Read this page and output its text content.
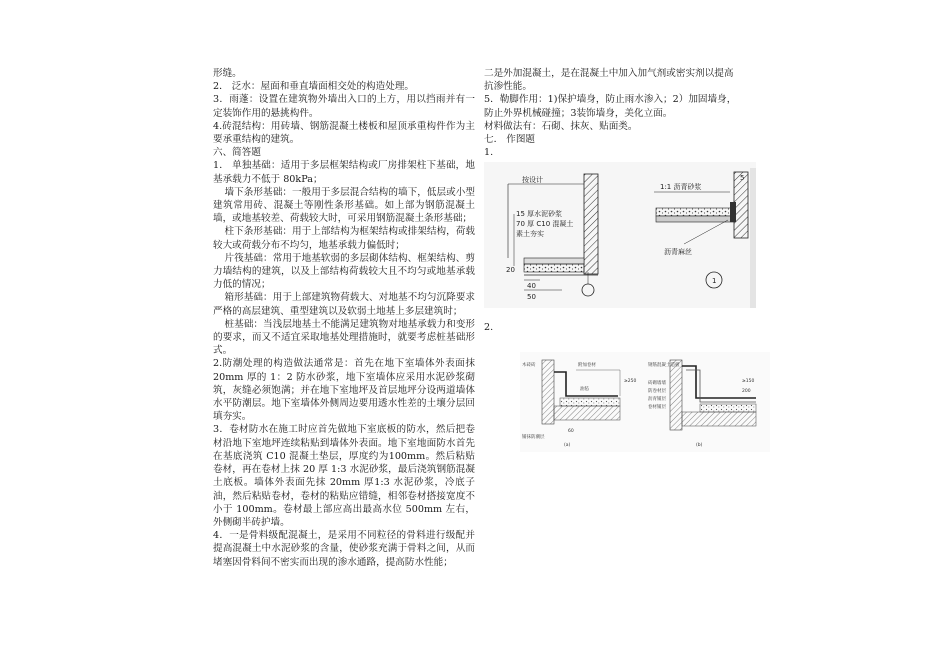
形缝。
2． 泛水：屋面和垂直墙面相交处的构造处理。
3．雨蓬：设置在建筑物外墙出入口的上方，用以挡雨并有一定装饰作用的悬挑构件。
4.砖混结构：用砖墙、钢筋混凝土楼板和屋顶承重构件作为主要承重结构的建筑。
六、简答题
1． 单独基础：适用于多层框架结构或厂房排架柱下基础，地基承载力不低于 80kPa；
墙下条形基础：一般用于多层混合结构的墙下，低层或小型建筑常用砖、混凝土等刚性条形基础。如上部为钢筋混凝土墙，或地基较差、荷载较大时，可采用钢筋混凝土条形基础；
柱下条形基础：用于上部结构为框架结构或排架结构，荷载较大或荷载分布不均匀，地基承载力偏低时；
片筏基础：常用于地基软弱的多层砌体结构、框架结构、剪力墙结构的建筑，以及上部结构荷载较大且不均匀或地基承载力低的情况；
箱形基础：用于上部建筑物荷载大、对地基不均匀沉降要求严格的高层建筑、重型建筑以及软弱土地基上多层建筑时；
桩基础：当浅层地基土不能满足建筑物对地基承载力和变形的要求，而又不适宜采取地基处理措施时，就要考虑桩基础形式。
2.防潮处理的构造做法通常是：首先在地下室墙体外表面抹 20mm 厚的 1：2 防水砂浆，地下室墙体应采用水泥砂浆砌筑，灰缝必须饱满；并在地下室地坪及首层地坪分设两道墙体水平防潮层。地下室墙体外侧周边要用透水性差的土壤分层回填夯实。
3．卷材防水在施工时应首先做地下室底板的防水，然后把卷材沿地下室地坪连续粘贴到墙体外表面。地下室地面防水首先在基底浇筑 C10 混凝土垫层，厚度约为100mm。然后粘贴卷材，再在卷材上抹 20 厚 1:3 水泥砂浆，最后浇筑钢筋混凝土底板。墙体外表面先抹 20mm 厚1:3 水泥砂浆，冷底子油，然后粘贴卷材，卷材的粘贴应错缝，相邻卷材搭接宽度不小于 100mm。卷材最上部应高出最高水位 500mm 左右，外侧砌半砖护墙。
4．一是骨料级配混凝土，是采用不同粒径的骨料进行级配并提高混凝土中水泥砂浆的含量，使砂浆充满于骨料之间，从而堵塞因骨料间不密实而出现的渗水通路，提高防水性能；
二是外加混凝土，是在混凝土中加入加气剂或密实剂以提高抗渗性能。
5．勒脚作用：1)保护墙身，防止雨水渗入；2）加固墙身，防止外界机械碰撞；3装饰墙身，美化立面。
材料做法有：石砌、抹灰、贴面类。
七． 作图题
1.
按设计
15 厚水泥砂浆
70 厚 C10 混凝土
素土夯实
40
50
20
1:1 沥青砂浆
沥青麻丝
5
1
2.
木砖砖	附加卷材
铺抹防潮层
油毡
≥250
60
(a)
钢筋混凝土造板
砖砌墙墙
防卷材层
沥青铺层
卷材铺层
≥150
200
(b)
